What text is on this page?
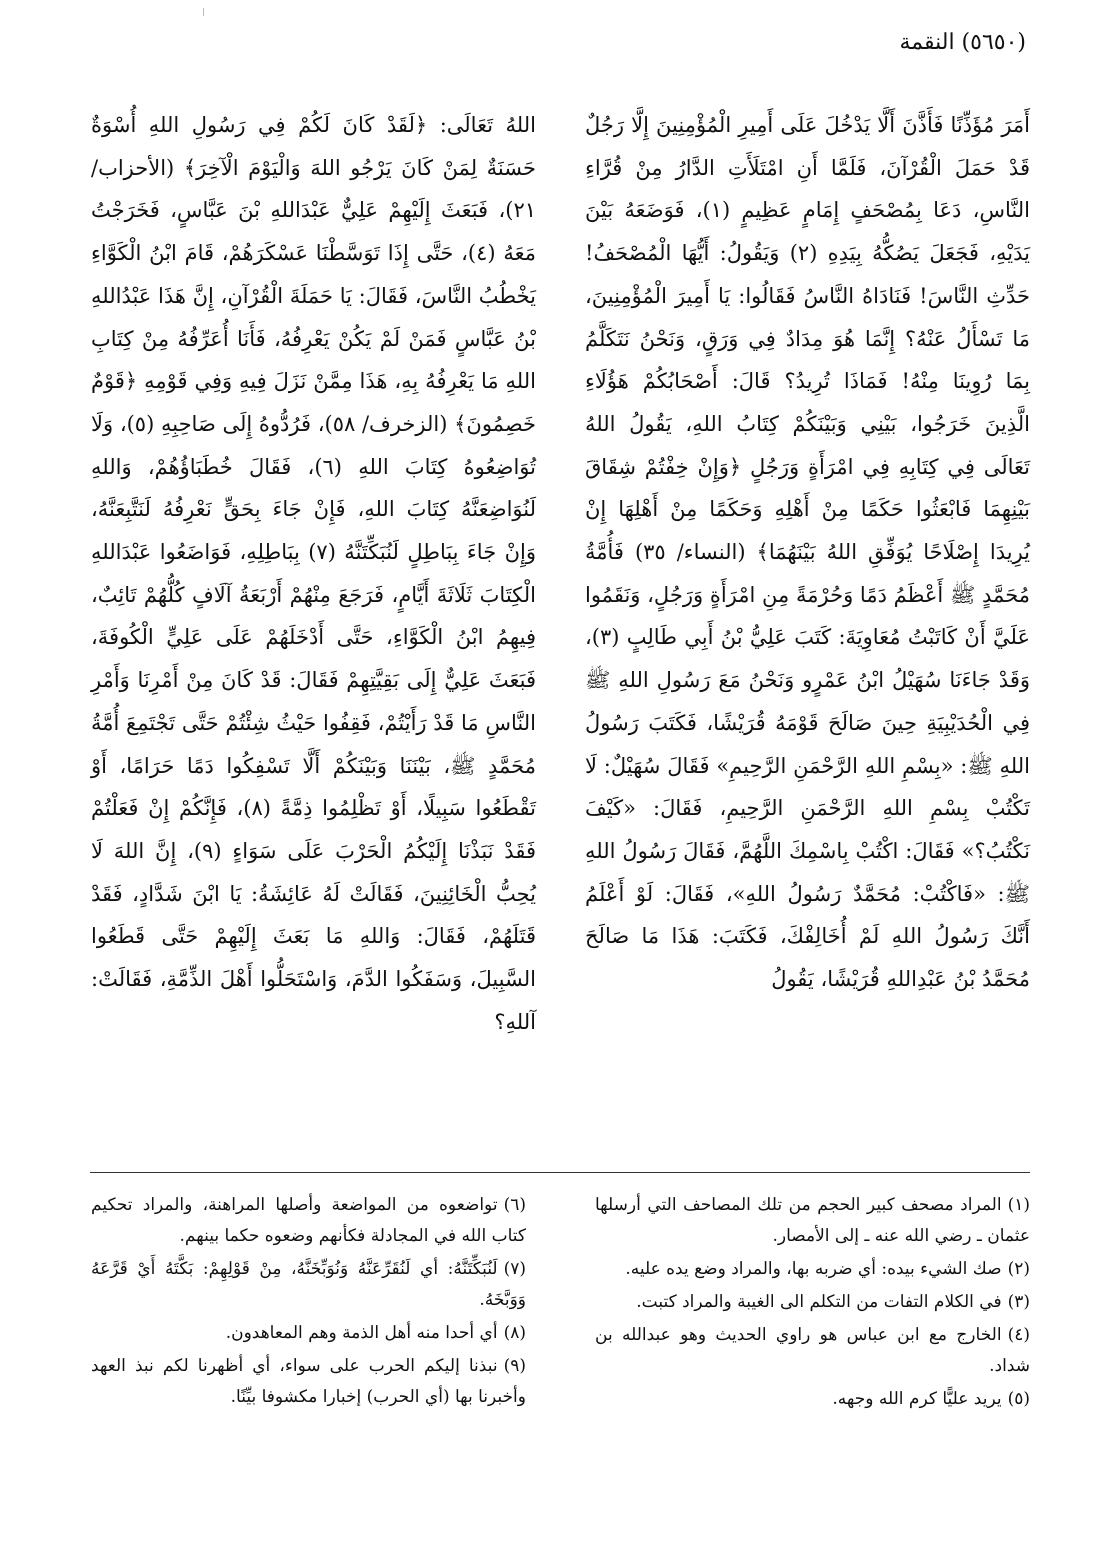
(٥٦٥٠) النقمة

أَمَرَ مُؤَذِّنًا فَأَذَّنَ أَلَّا يَدْخُلَ عَلَى أَمِيرِ الْمُؤْمِنِينَ إِلَّا رَجُلٌ قَدْ حَمَلَ الْقُرْآنَ، فَلَمَّا أَنِ امْتَلَأَتِ الدَّارُ مِنْ قُرَّاءِ النَّاسِ، دَعَا بِمُصْحَفٍ إِمَامٍ عَظِيمٍ (١)، فَوَضَعَهُ بَيْنَ يَدَيْهِ، فَجَعَلَ يَصُكُّهُ بِيَدِهِ (٢) وَيَقُولُ: أَيُّهَا الْمُصْحَفُ! حَدِّثِ النَّاسَ! فَنَادَاهُ النَّاسُ فَقَالُوا: يَا أَمِيرَ الْمُؤْمِنِينَ، مَا تَسْأَلُ عَنْهُ؟ إِنَّمَا هُوَ مِدَادٌ فِي وَرَقٍ، وَنَحْنُ نَتَكَلَّمُ بِمَا رُوِينَا مِنْهُ! فَمَاذَا تُرِيدُ؟ قَالَ: أَصْحَابُكُمْ هَؤُلَاءِ الَّذِينَ خَرَجُوا، بَيْنِي وَبَيْنَكُمْ كِتَابُ اللهِ، يَقُولُ اللهُ تَعَالَى فِي كِتَابِهِ فِي امْرَأَةٍ وَرَجُلٍ ﴿وَإِنْ خِفْتُمْ شِقَاقَ بَيْنِهِمَا فَابْعَثُوا حَكَمًا مِنْ أَهْلِهِ وَحَكَمًا مِنْ أَهْلِهَا إِنْ يُرِيدَا إِصْلَاحًا يُوَفِّقِ اللهُ بَيْنَهُمَا﴾ (النساء/ ٣٥) فَأُمَّةُ مُحَمَّدٍ ﷺ أَعْظَمُ دَمًا وَحُرْمَةً مِنِ امْرَأَةٍ وَرَجُلٍ، وَنَقَمُوا عَلَيَّ أَنْ كَاتَبْتُ مُعَاوِيَةَ: كَتَبَ عَلِيُّ بْنُ أَبِي طَالِبٍ (٣)، وَقَدْ جَاءَنَا سُهَيْلُ ابْنُ عَمْرٍو وَنَحْنُ مَعَ رَسُولِ اللهِ ﷺ فِي الْحُدَيْبِيَةِ حِينَ صَالَحَ قَوْمَهُ قُرَيْشًا، فَكَتَبَ رَسُولُ اللهِ ﷺ: «بِسْمِ اللهِ الرَّحْمَنِ الرَّحِيمِ» فَقَالَ سُهَيْلٌ: لَا تَكْتُبْ بِسْمِ اللهِ الرَّحْمَنِ الرَّحِيمِ، فَقَالَ: «كَيْفَ نَكْتُبُ؟» فَقَالَ: اكْتُبْ بِاسْمِكَ اللَّهُمَّ، فَقَالَ رَسُولُ اللهِ ﷺ: «فَاكْتُبْ: مُحَمَّدٌ رَسُولُ اللهِ»، فَقَالَ: لَوْ أَعْلَمُ أَنَّكَ رَسُولُ اللهِ لَمْ أُخَالِفْكَ، فَكَتَبَ: هَذَا مَا صَالَحَ مُحَمَّدُ بْنُ عَبْدِاللهِ قُرَيْشًا، يَقُولُ

اللهُ تَعَالَى: ﴿لَقَدْ كَانَ لَكُمْ فِي رَسُولِ اللهِ أُسْوَةٌ حَسَنَةٌ لِمَنْ كَانَ يَرْجُو اللهَ وَالْيَوْمَ الْآخِرَ﴾ (الأحزاب/ ٢١)، فَبَعَثَ إِلَيْهِمْ عَلِيٌّ عَبْدَاللهِ بْنَ عَبَّاسٍ، فَخَرَجْتُ مَعَهُ (٤)، حَتَّى إِذَا تَوَسَّطْنَا عَسْكَرَهُمْ، قَامَ ابْنُ الْكَوَّاءِ يَخْطُبُ النَّاسَ، فَقَالَ: يَا حَمَلَةَ الْقُرْآنِ، إِنَّ هَذَا عَبْدُاللهِ بْنُ عَبَّاسٍ فَمَنْ لَمْ يَكُنْ يَعْرِفُهُ، فَأَنَا أُعَرِّفُهُ مِنْ كِتَابِ اللهِ مَا يَعْرِفُهُ بِهِ، هَذَا مِمَّنْ نَزَلَ فِيهِ وَفِي قَوْمِهِ ﴿قَوْمٌ خَصِمُونَ﴾ (الزخرف/ ٥٨)، فَرُدُّوهُ إِلَى صَاحِبِهِ (٥)، وَلَا تُوَاضِعُوهُ كِتَابَ اللهِ (٦)، فَقَالَ خُطَبَاؤُهُمْ، وَاللهِ لَنُوَاضِعَنَّهُ كِتَابَ اللهِ، فَإِنْ جَاءَ بِحَقٍّ نَعْرِفُهُ لَنَتَّبِعَنَّهُ، وَإِنْ جَاءَ بِبَاطِلٍ لَنُبَكِّتَنَّهُ (٧) بِبَاطِلِهِ، فَوَاضَعُوا عَبْدَاللهِ الْكِتَابَ ثَلَاثَةَ أَيَّامٍ، فَرَجَعَ مِنْهُمْ أَرْبَعَةُ آلَافٍ كُلُّهُمْ تَائِبٌ، فِيهِمُ ابْنُ الْكَوَّاءِ، حَتَّى أَدْخَلَهُمْ عَلَى عَلِيٍّ الْكُوفَةَ، فَبَعَثَ عَلِيٌّ إِلَى بَقِيَّتِهِمْ فَقَالَ: قَدْ كَانَ مِنْ أَمْرِنَا وَأَمْرِ النَّاسِ مَا قَدْ رَأَيْتُمْ، فَقِفُوا حَيْثُ شِئْتُمْ حَتَّى تَجْتَمِعَ أُمَّةُ مُحَمَّدٍ ﷺ، بَيْنَنَا وَبَيْنَكُمْ أَلَّا تَسْفِكُوا دَمًا حَرَامًا، أَوْ تَقْطَعُوا سَبِيلًا، أَوْ تَظْلِمُوا ذِمَّةً (٨)، فَإِنَّكُمْ إِنْ فَعَلْتُمْ فَقَدْ نَبَذْنَا إِلَيْكُمُ الْحَرْبَ عَلَى سَوَاءٍ (٩)، إِنَّ اللهَ لَا يُحِبُّ الْخَائِنِينَ، فَقَالَتْ لَهُ عَائِشَةُ: يَا ابْنَ شَدَّادٍ، فَقَدْ قَتَلَهُمْ، فَقَالَ: وَاللهِ مَا بَعَثَ إِلَيْهِمْ حَتَّى قَطَعُوا السَّبِيلَ، وَسَفَكُوا الدَّمَ، وَاسْتَحَلُّوا أَهْلَ الذِّمَّةِ، فَقَالَتْ: آللهِ؟

(١)المراد مصحف كبير الحجم من تلك المصاحف التي أرسلها عثمان ـ رضي الله عنه ـ إلى الأمصار.
(٢)صك الشيء بيده: أي ضربه بها، والمراد وضع يده عليه.
(٣)في الكلام التفات من التكلم الى الغيبة والمراد كتبت.
(٤)الخارج مع ابن عباس هو راوي الحديث وهو عبدالله بن شداد.
(٥)يريد عليًّا كرم الله وجهه.
(٦)تواضعوه من المواضعة وأصلها المراهنة، والمراد تحكيم كتاب الله في المجادلة فكأنهم وضعوه حكما بينهم.
(٧)لَنُبَكِّتَنَّهُ: أي لَنُقَرِّعَنَّهُ وَنُوَبِّخَنَّهُ، مِنْ قَوْلِهِمْ: بَكَّتَهُ أَيْ قَرَّعَهُ وَوَبَّخَهُ.
(٨)أي أحدا منه أهل الذمة وهم المعاهدون.
(٩)نبذنا إليكم الحرب على سواء، أي أظهرنا لكم نبذ العهد وأخبرنا بها (أي الحرب) إخبارا مكشوفا بيِّنًا.
